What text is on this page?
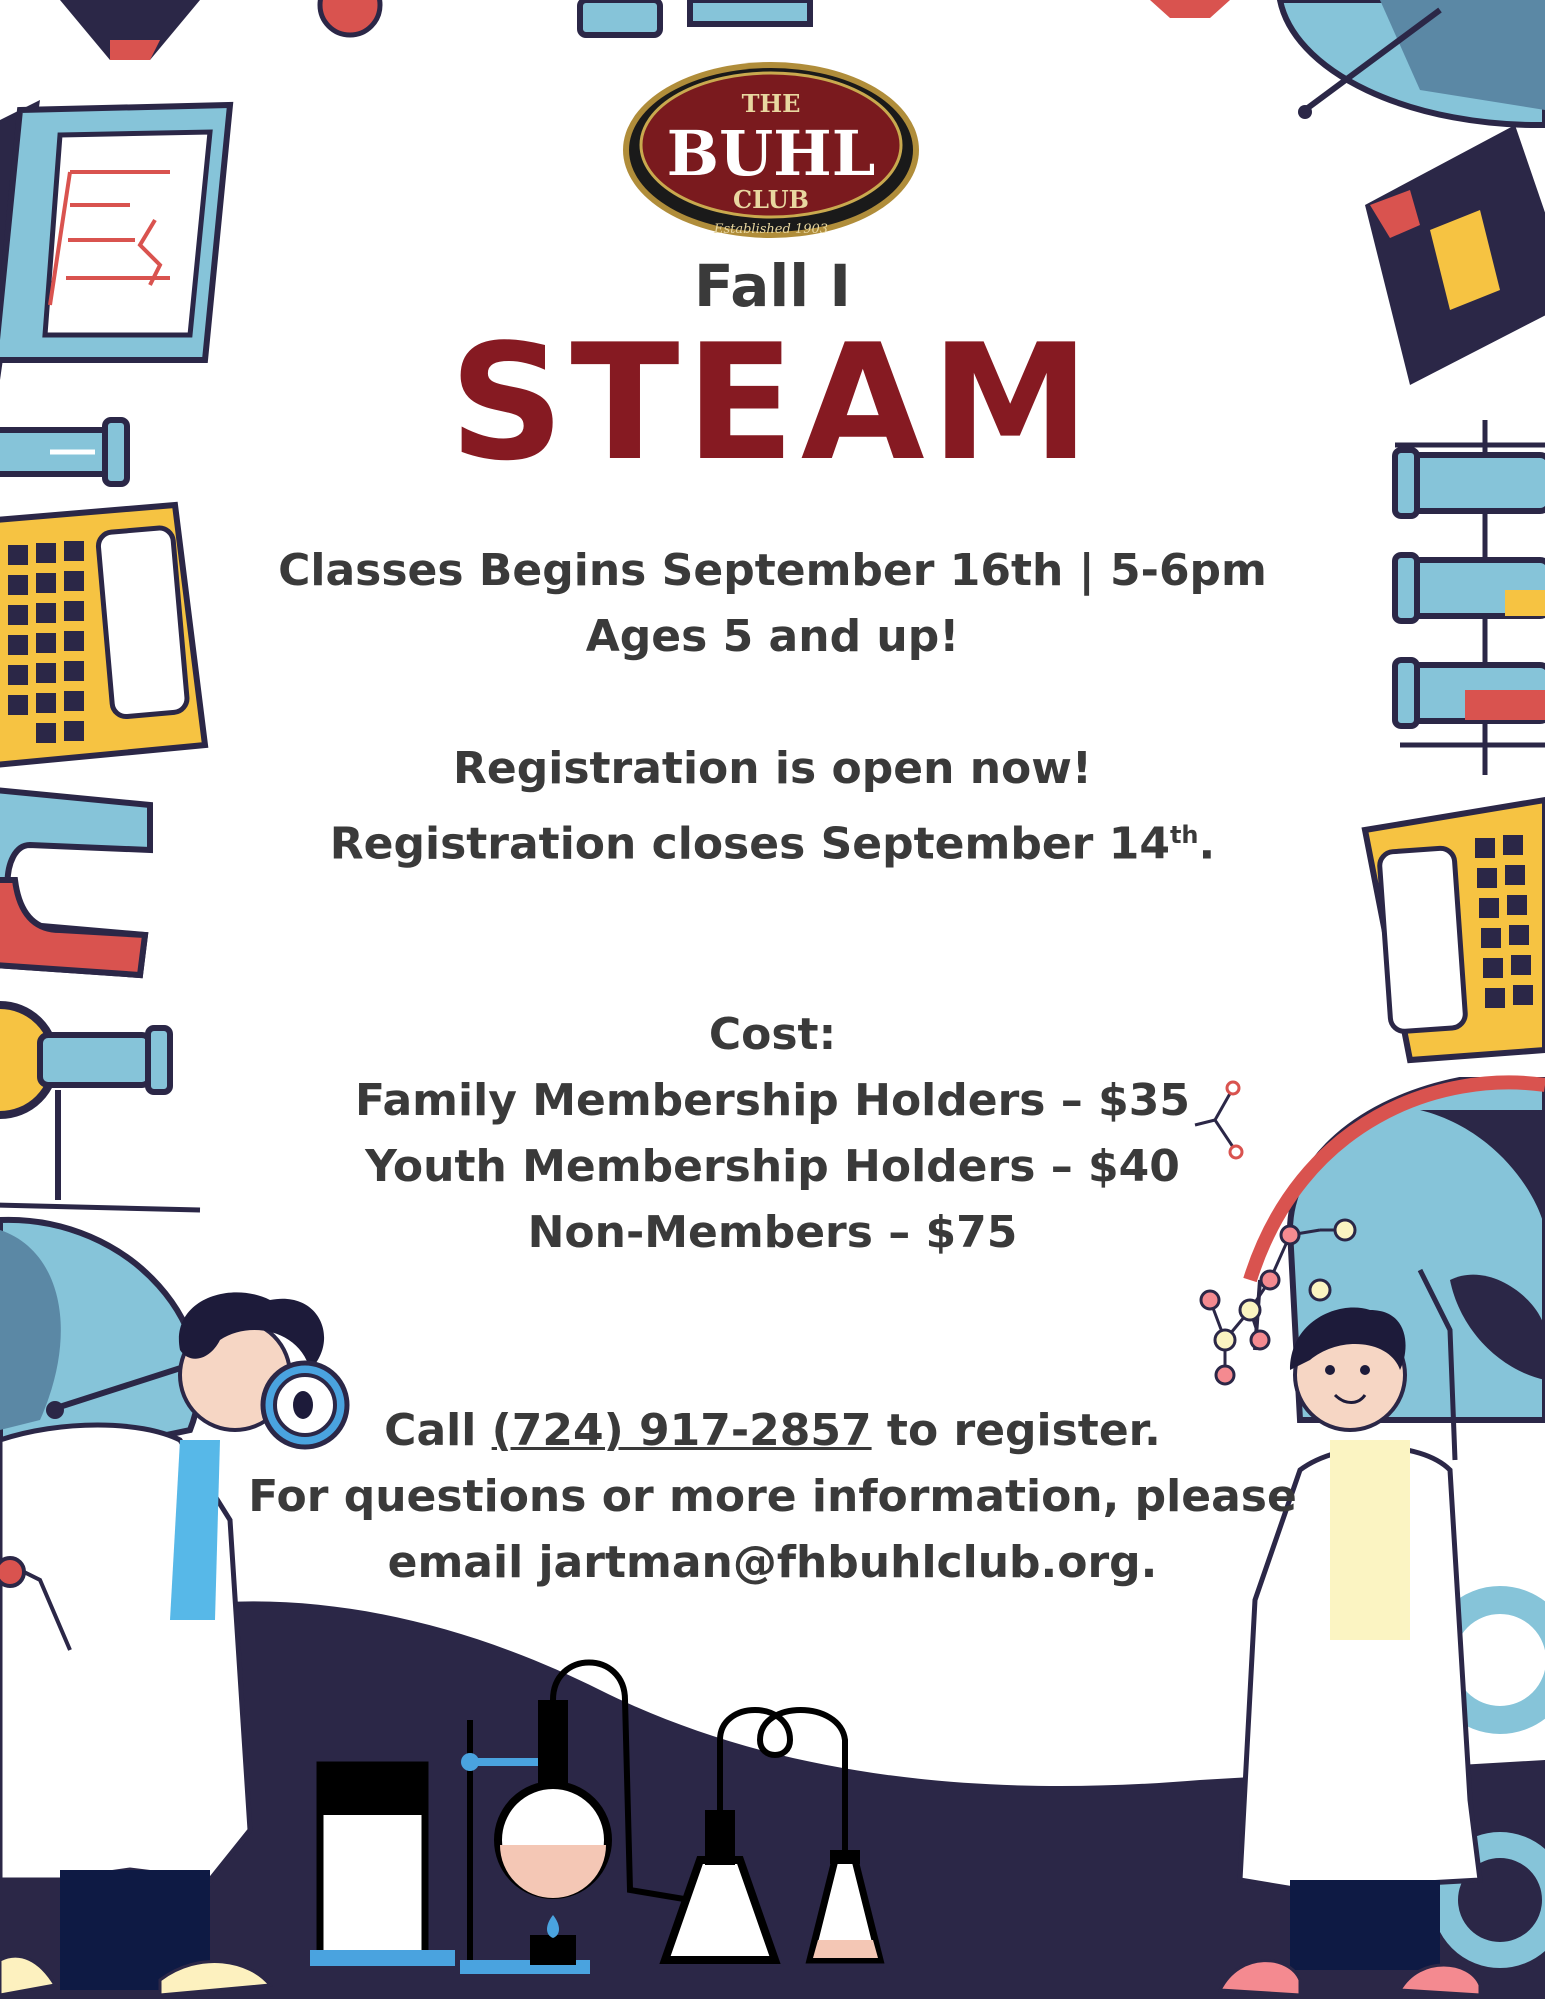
THE
BUHL
CLUB
Established 1903
Fall I
STEAM
Classes Begins September 16th | 5-6pm
Ages 5 and up!
Registration is open now!
Registration closes September 14th.
Cost:
Family Membership Holders – $35
Youth Membership Holders – $40
Non-Members – $75
Call (724) 917-2857 to register.
For questions or more information, please
email jartman@fhbuhlclub.org.
